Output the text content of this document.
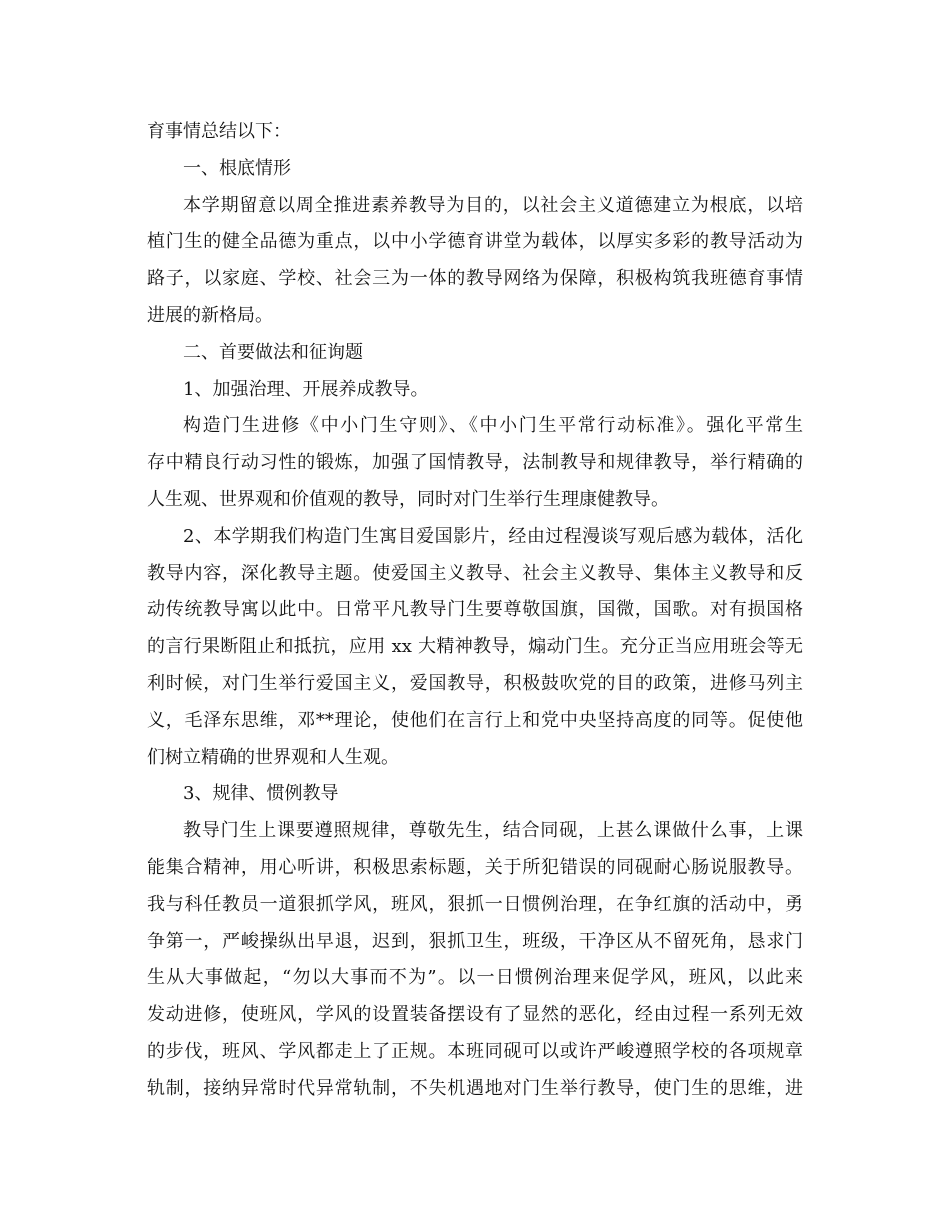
育事情总结以下：
一、根底情形
本学期留意以周全推进素养教导为目的，以社会主义道德建立为根底，以培
植门生的健全品德为重点，以中小学德育讲堂为载体，以厚实多彩的教导活动为
路子，以家庭、学校、社会三为一体的教导网络为保障，积极构筑我班德育事情
进展的新格局。
二、首要做法和征询题
1、加强治理、开展养成教导。
构造门生进修《中小门生守则》、《中小门生平常行动标准》。强化平常生
存中精良行动习性的锻炼，加强了国情教导，法制教导和规律教导，举行精确的
人生观、世界观和价值观的教导，同时对门生举行生理康健教导。
2、本学期我们构造门生寓目爱国影片，经由过程漫谈写观后感为载体，活化
教导内容，深化教导主题。使爱国主义教导、社会主义教导、集体主义教导和反
动传统教导寓以此中。日常平凡教导门生要尊敬国旗，国微，国歌。对有损国格
的言行果断阻止和抵抗，应用 xx 大精神教导，煽动门生。充分正当应用班会等无
利时候，对门生举行爱国主义，爱国教导，积极鼓吹党的目的政策，进修马列主
义，毛泽东思维，邓**理论，使他们在言行上和党中央坚持高度的同等。促使他
们树立精确的世界观和人生观。
3、规律、惯例教导
教导门生上课要遵照规律，尊敬先生，结合同砚，上甚么课做什么事，上课
能集合精神，用心听讲，积极思索标题，关于所犯错误的同砚耐心肠说服教导。
我与科任教员一道狠抓学风，班风，狠抓一日惯例治理，在争红旗的活动中，勇
争第一，严峻操纵出早退，迟到，狠抓卫生，班级，干净区从不留死角，恳求门
生从大事做起，“勿以大事而不为”。以一日惯例治理来促学风，班风，以此来
发动进修，使班风，学风的设置装备摆设有了显然的恶化，经由过程一系列无效
的步伐，班风、学风都走上了正规。本班同砚可以或许严峻遵照学校的各项规章
轨制，接纳异常时代异常轨制，不失机遇地对门生举行教导，使门生的思维，进
